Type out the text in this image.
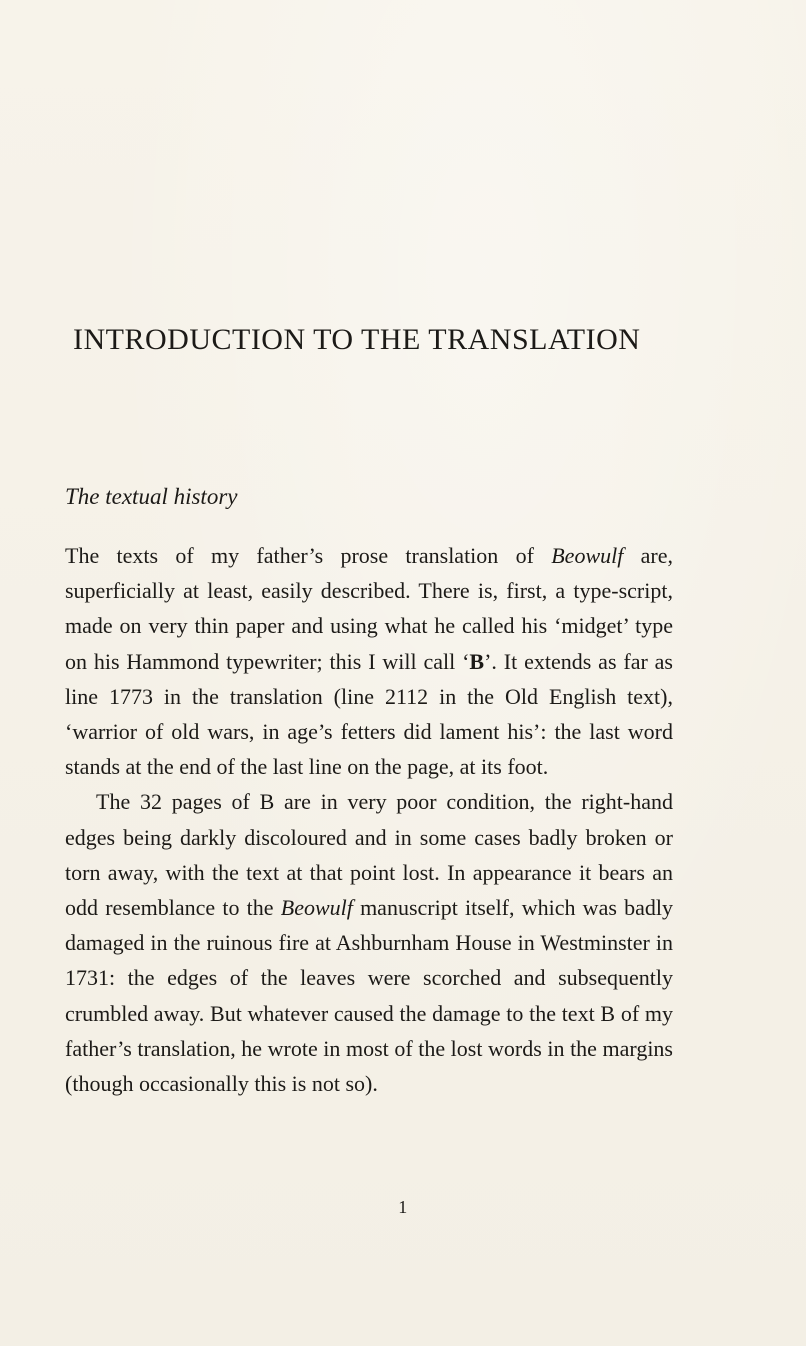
INTRODUCTION TO THE TRANSLATION
The textual history

The texts of my father’s prose translation of Beowulf are, superficially at least, easily described. There is, first, a type-script, made on very thin paper and using what he called his ‘midget’ type on his Hammond typewriter; this I will call ‘B’. It extends as far as line 1773 in the translation (line 2112 in the Old English text), ‘warrior of old wars, in age’s fetters did lament his’: the last word stands at the end of the last line on the page, at its foot.

The 32 pages of B are in very poor condition, the right-hand edges being darkly discoloured and in some cases badly broken or torn away, with the text at that point lost. In appearance it bears an odd resemblance to the Beowulf manuscript itself, which was badly damaged in the ruinous fire at Ashburnham House in Westminster in 1731: the edges of the leaves were scorched and subsequently crumbled away. But whatever caused the damage to the text B of my father’s translation, he wrote in most of the lost words in the margins (though occasionally this is not so).

1
